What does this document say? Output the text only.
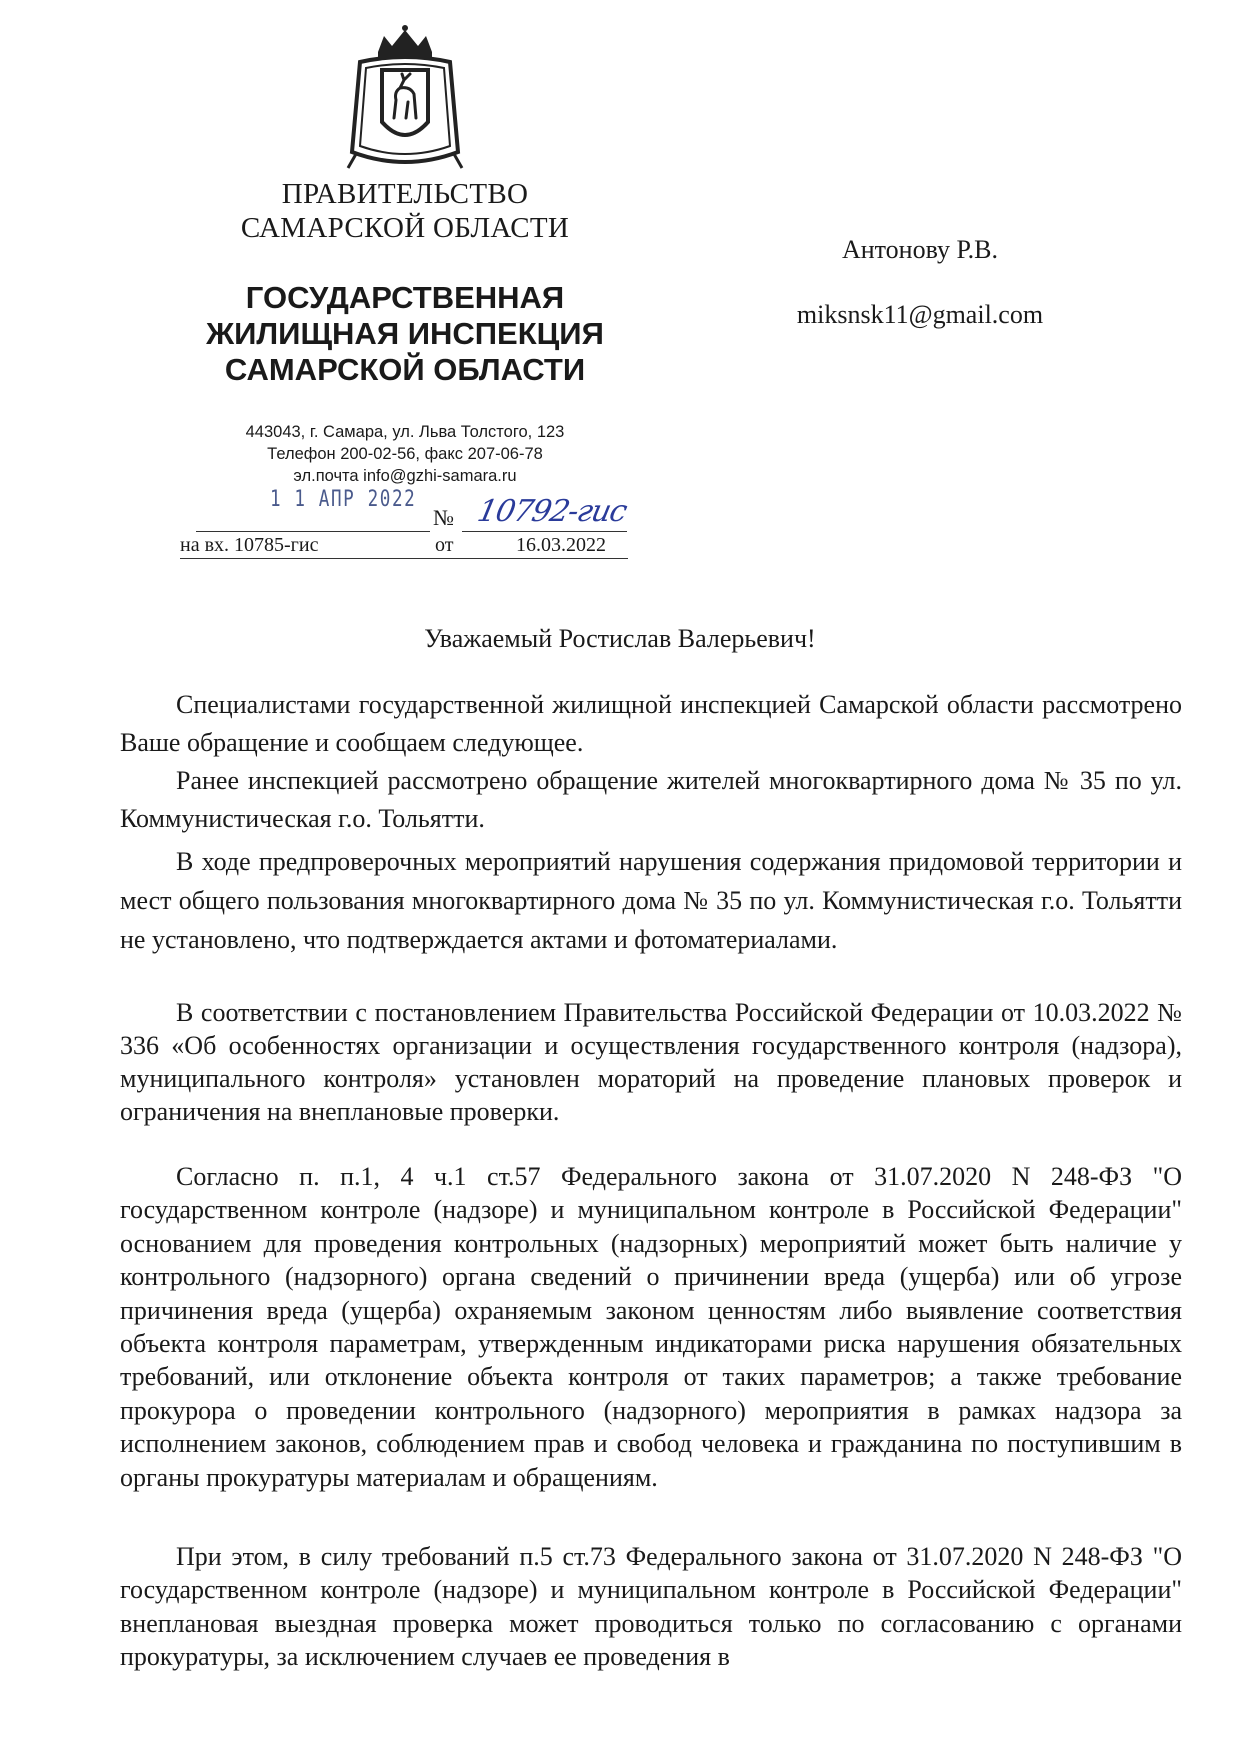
ПРАВИТЕЛЬСТВО
САМАРСКОЙ ОБЛАСТИ
ГОСУДАРСТВЕННАЯ
ЖИЛИЩНАЯ ИНСПЕКЦИЯ
САМАРСКОЙ ОБЛАСТИ
443043, г. Самара, ул. Льва Толстого, 123
Телефон 200-02-56, факс 207-06-78
эл.почта info@gzhi-samara.ru
Антонову Р.В.
miksnsk11@gmail.com
1 1 АПР 2022
№ 10792-гис
на вх. 10785-гис	от	16.03.2022
Уважаемый Ростислав Валерьевич!

Специалистами государственной жилищной инспекцией Самарской области рассмотрено Ваше обращение и сообщаем следующее.

Ранее инспекцией рассмотрено обращение жителей многоквартирного дома № 35 по ул. Коммунистическая г.о. Тольятти.

В ходе предпроверочных мероприятий нарушения содержания придомовой территории и мест общего пользования многоквартирного дома № 35 по ул. Коммунистическая г.о. Тольятти не установлено, что подтверждается актами и фотоматериалами.

В соответствии с постановлением Правительства Российской Федерации от 10.03.2022 № 336 «Об особенностях организации и осуществления государственного контроля (надзора), муниципального контроля» установлен мораторий на проведение плановых проверок и ограничения на внеплановые проверки.

Согласно п. п.1, 4 ч.1 ст.57 Федерального закона от 31.07.2020 N 248-ФЗ "О государственном контроле (надзоре) и муниципальном контроле в Российской Федерации" основанием для проведения контрольных (надзорных) мероприятий может быть наличие у контрольного (надзорного) органа сведений о причинении вреда (ущерба) или об угрозе причинения вреда (ущерба) охраняемым законом ценностям либо выявление соответствия объекта контроля параметрам, утвержденным индикаторами риска нарушения обязательных требований, или отклонение объекта контроля от таких параметров; а также требование прокурора о проведении контрольного (надзорного) мероприятия в рамках надзора за исполнением законов, соблюдением прав и свобод человека и гражданина по поступившим в органы прокуратуры материалам и обращениям.

При этом, в силу требований п.5 ст.73 Федерального закона от 31.07.2020 N 248-ФЗ "О государственном контроле (надзоре) и муниципальном контроле в Российской Федерации" внеплановая выездная проверка может проводиться только по согласованию с органами прокуратуры, за исключением случаев ее проведения в
